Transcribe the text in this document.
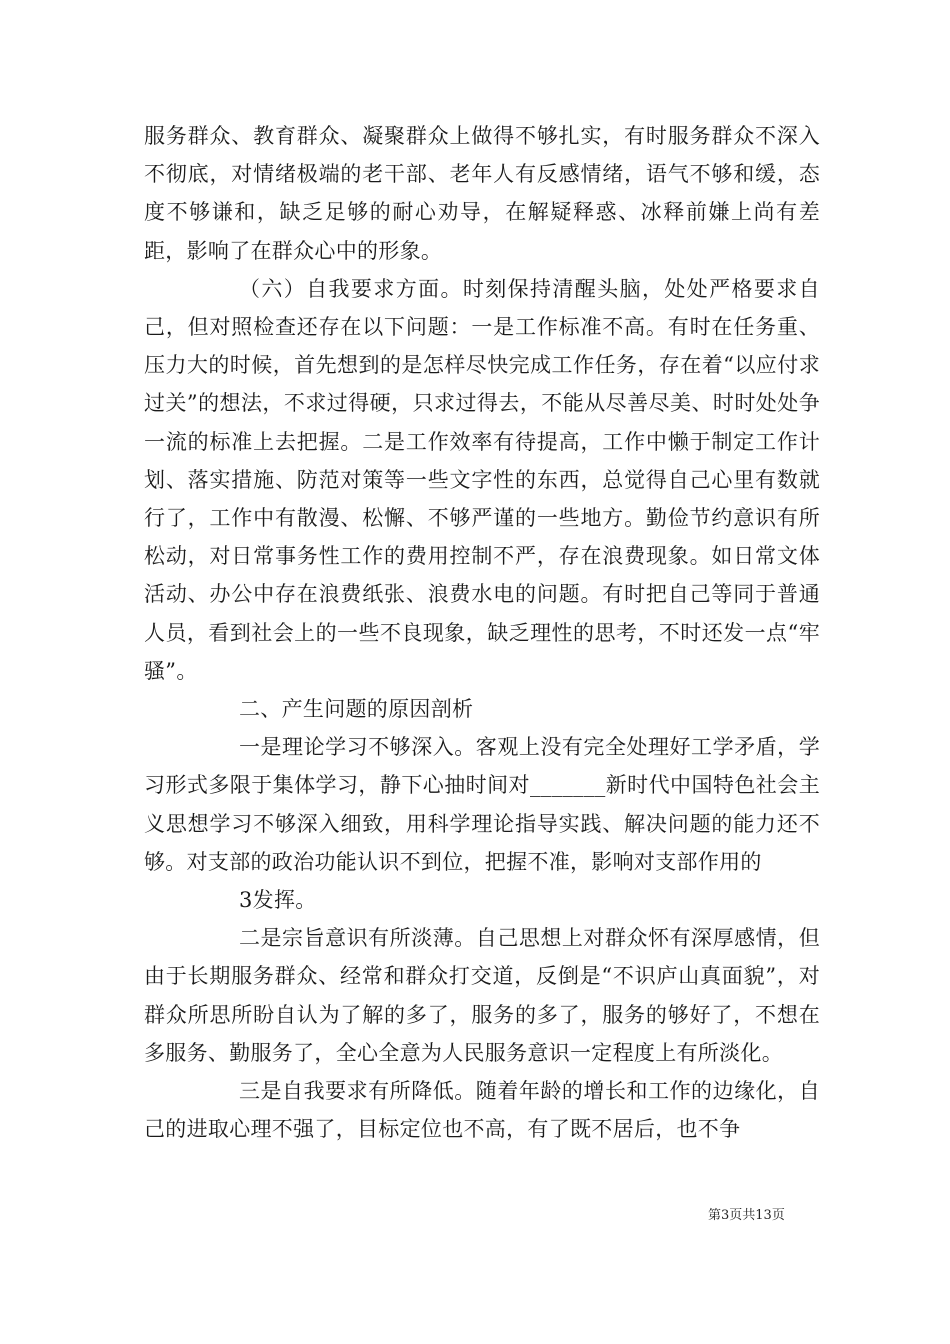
服务群众、教育群众、凝聚群众上做得不够扎实，有时服务群众不深入不彻底，对情绪极端的老干部、老年人有反感情绪，语气不够和缓，态度不够谦和，缺乏足够的耐心劝导，在解疑释惑、冰释前嫌上尚有差距，影响了在群众心中的形象。

（六）自我要求方面。时刻保持清醒头脑，处处严格要求自己，但对照检查还存在以下问题：一是工作标准不高。有时在任务重、压力大的时候，首先想到的是怎样尽快完成工作任务，存在着“以应付求过关”的想法，不求过得硬，只求过得去，不能从尽善尽美、时时处处争一流的标准上去把握。二是工作效率有待提高，工作中懒于制定工作计划、落实措施、防范对策等一些文字性的东西，总觉得自己心里有数就行了，工作中有散漫、松懈、不够严谨的一些地方。勤俭节约意识有所松动，对日常事务性工作的费用控制不严，存在浪费现象。如日常文体活动、办公中存在浪费纸张、浪费水电的问题。有时把自己等同于普通人员，看到社会上的一些不良现象，缺乏理性的思考，不时还发一点“牢骚”。

二、产生问题的原因剖析

一是理论学习不够深入。客观上没有完全处理好工学矛盾，学习形式多限于集体学习，静下心抽时间对_______新时代中国特色社会主义思想学习不够深入细致，用科学理论指导实践、解决问题的能力还不够。对支部的政治功能认识不到位，把握不准，影响对支部作用的

3发挥。

二是宗旨意识有所淡薄。自己思想上对群众怀有深厚感情，但由于长期服务群众、经常和群众打交道，反倒是“不识庐山真面貌”，对群众所思所盼自认为了解的多了，服务的多了，服务的够好了，不想在多服务、勤服务了，全心全意为人民服务意识一定程度上有所淡化。

三是自我要求有所降低。随着年龄的增长和工作的边缘化，自己的进取心理不强了，目标定位也不高，有了既不居后，也不争

第3页共13页
